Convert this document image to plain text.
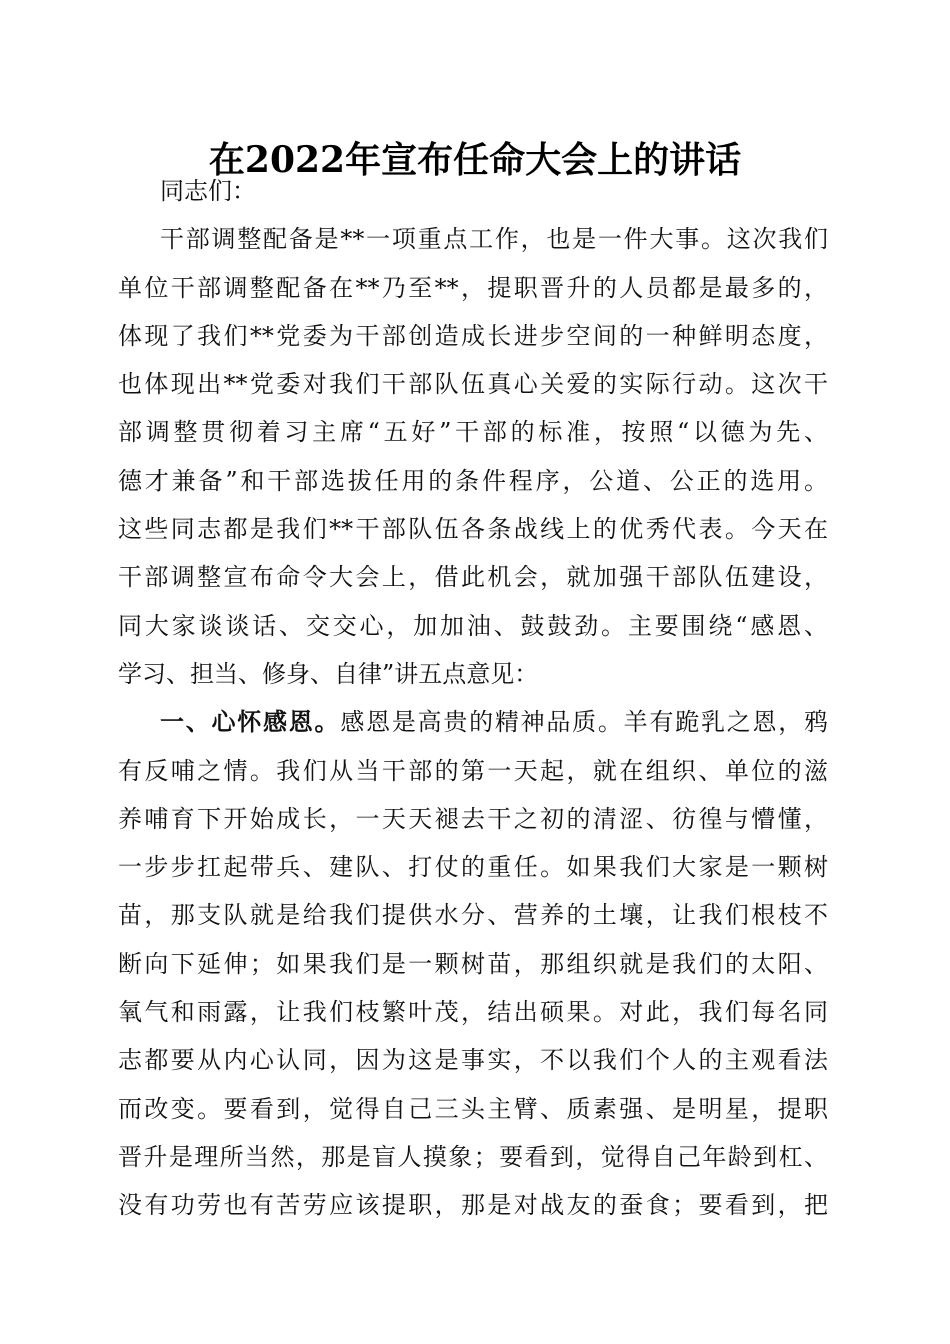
在2022年宣布任命大会上的讲话
同志们：
干部调整配备是**一项重点工作，也是一件大事。这次我们
单位干部调整配备在**乃至**，提职晋升的人员都是最多的，
体现了我们**党委为干部创造成长进步空间的一种鲜明态度，
也体现出**党委对我们干部队伍真心关爱的实际行动。这次干
部调整贯彻着习主席“五好”干部的标准，按照“以德为先、
德才兼备”和干部选拔任用的条件程序，公道、公正的选用。
这些同志都是我们**干部队伍各条战线上的优秀代表。今天在
干部调整宣布命令大会上，借此机会，就加强干部队伍建设，
同大家谈谈话、交交心，加加油、鼓鼓劲。主要围绕“感恩、
学习、担当、修身、自律”讲五点意见：
一、心怀感恩。感恩是高贵的精神品质。羊有跪乳之恩，鸦
有反哺之情。我们从当干部的第一天起，就在组织、单位的滋
养哺育下开始成长，一天天褪去干之初的清涩、彷徨与懵懂，
一步步扛起带兵、建队、打仗的重任。如果我们大家是一颗树
苗，那支队就是给我们提供水分、营养的土壤，让我们根枝不
断向下延伸；如果我们是一颗树苗，那组织就是我们的太阳、
氧气和雨露，让我们枝繁叶茂，结出硕果。对此，我们每名同
志都要从内心认同，因为这是事实，不以我们个人的主观看法
而改变。要看到，觉得自己三头主臂、质素强、是明星，提职
晋升是理所当然，那是盲人摸象；要看到，觉得自己年龄到杠、
没有功劳也有苦劳应该提职，那是对战友的蚕食；要看到，把
